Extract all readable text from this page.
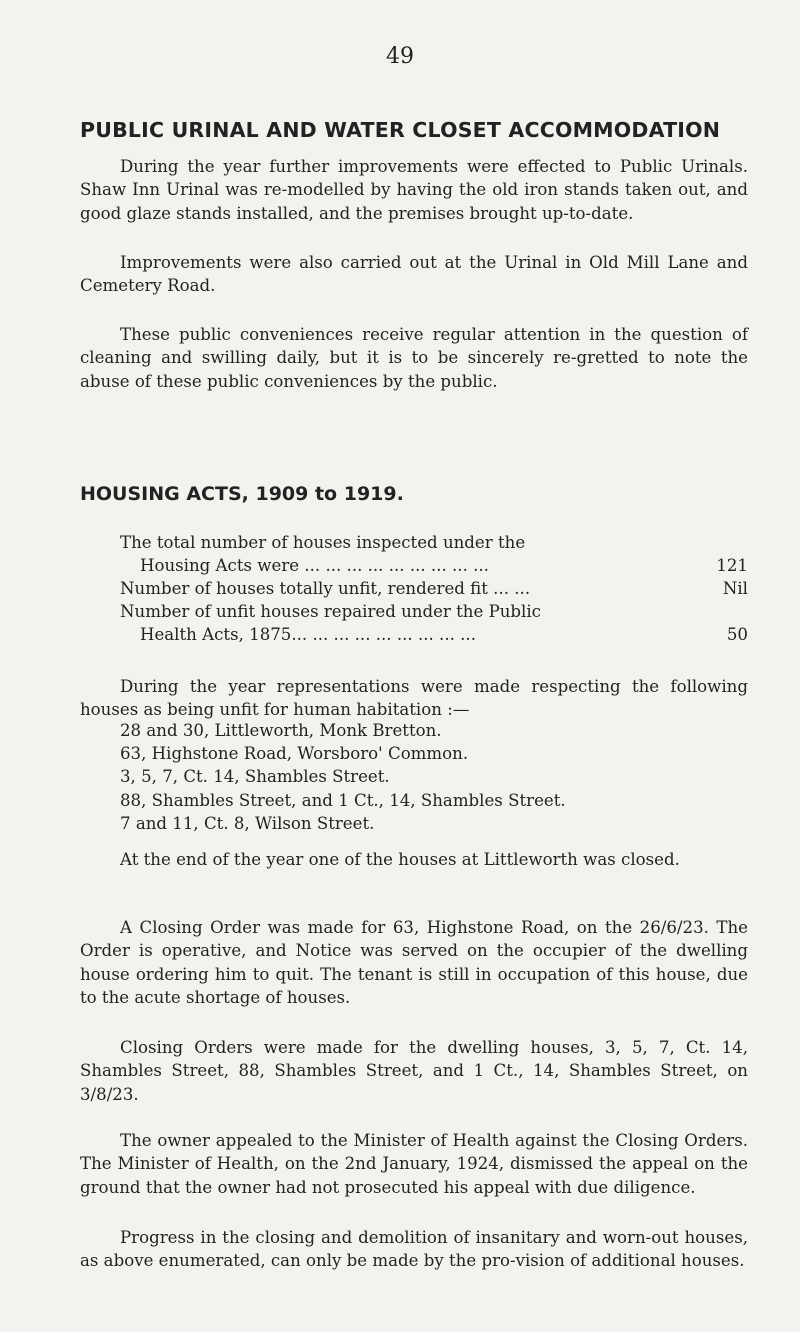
49
PUBLIC URINAL AND WATER CLOSET ACCOMMODATION

During the year further improvements were effected to Public Urinals. Shaw Inn Urinal was re-modelled by having the old iron stands taken out, and good glaze stands installed, and the premises brought up-to-date.

Improvements were also carried out at the Urinal in Old Mill Lane and Cemetery Road.

These public conveniences receive regular attention in the question of cleaning and swilling daily, but it is to be sincerely re-gretted to note the abuse of these public conveniences by the public.

HOUSING ACTS, 1909 to 1919.
The total number of houses inspected under the
Housing Acts were ... ... ... ... ... ... ... ... ...	121
Number of houses totally unfit, rendered fit ... ...	Nil
Number of unfit houses repaired under the Public
Health Acts, 1875... ... ... ... ... ... ... ... ...	50

During the year representations were made respecting the following houses as being unfit for human habitation :—

28 and 30, Littleworth, Monk Bretton.
63, Highstone Road, Worsboro' Common.
3, 5, 7, Ct. 14, Shambles Street.
88, Shambles Street, and 1 Ct., 14, Shambles Street.
7 and 11, Ct. 8, Wilson Street.

At the end of the year one of the houses at Littleworth was closed.

A Closing Order was made for 63, Highstone Road, on the 26/6/23. The Order is operative, and Notice was served on the occupier of the dwelling house ordering him to quit. The tenant is still in occupation of this house, due to the acute shortage of houses.

Closing Orders were made for the dwelling houses, 3, 5, 7, Ct. 14, Shambles Street, 88, Shambles Street, and 1 Ct., 14, Shambles Street, on 3/8/23.

The owner appealed to the Minister of Health against the Closing Orders. The Minister of Health, on the 2nd January, 1924, dismissed the appeal on the ground that the owner had not prosecuted his appeal with due diligence.

Progress in the closing and demolition of insanitary and worn-out houses, as above enumerated, can only be made by the pro-vision of additional houses.
